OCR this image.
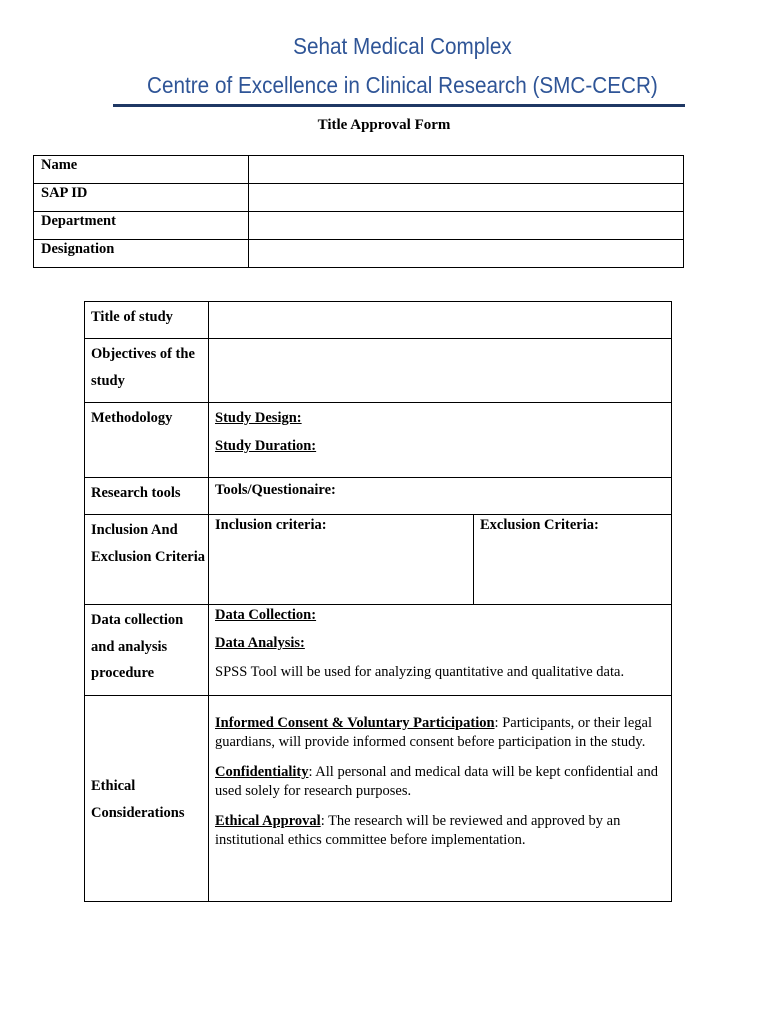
Sehat Medical Complex
Centre of Excellence in Clinical Research (SMC-CECR)
Title Approval Form
Name	
SAP ID	
Department	
Designation	
Title of study		
Objectives of the study		
Methodology	Study Design:
Study Duration:	

Research tools	Tools/Questionaire:	

Inclusion And Exclusion Criteria	Inclusion criteria:	Exclusion Criteria:

Data collection and analysis procedure	Data Collection:
Data Analysis:
SPSS Tool will be used for analyzing quantitative and qualitative data.	

Ethical Considerations	Informed Consent & Voluntary Participation: Participants, or their legal guardians, will provide informed consent before participation in the study.

Confidentiality: All personal and medical data will be kept confidential and used solely for research purposes.

Ethical Approval: The research will be reviewed and approved by an institutional ethics committee before implementation.	
